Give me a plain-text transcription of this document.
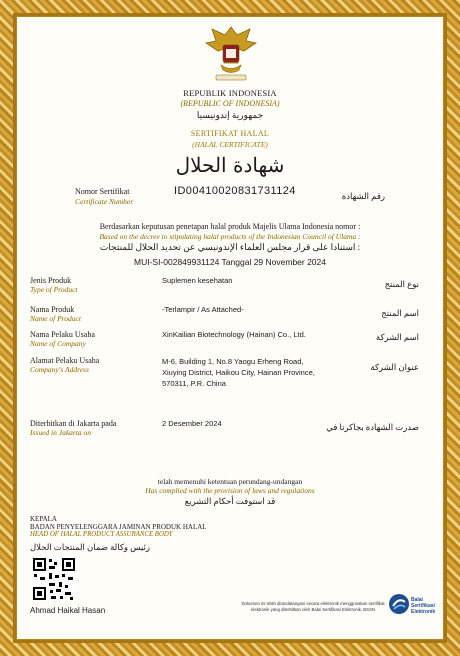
REPUBLIK INDONESIA
(REPUBLIC OF INDONESIA)
جمهورية إندونيسيا
SERTIFIKAT HALAL
(HALAL CERTIFICATE)
شهادة الحلال
Nomor Sertifikat
Certificate Number
ID00410020831731124	رقم الشهادة
Berdasarkan keputusan penetapan halal produk Majelis Ulama Indonesia nomor :
Based on the decree to stipulating halal products of the Indonesian Council of Ulama :
استنادا على قرار مجلس العلماء الإندونيسي عن تحديد الحلال للمنتجات :
MUI-SI-002849931124 Tanggal 29 November 2024
Jenis Produk
Type of Product
Suplemen kesehatan	نوع المنتج
Nama Produk
Name of Product
-Terlampir / As Attached-	اسم المنتج
Nama Pelaku Usaha
Name of Company
XinKailian Biotechnology (Hainan) Co., Ltd.	اسم الشركة
Alamat Pelaku Usaha
Company's Address
M-6, Building 1, No.8 Yaogu Erheng Road,
Xiuying District, Haikou City, Hainan Province,
570311, P.R. China
عنوان الشركة
Diterbitkan di Jakarta pada
Issued in Jakarta on
2 Desember 2024	صدرت الشهادة بجاكرتا في
telah memenuhi ketentuan perundang-undangan
Has complied with the provision of laws and regulations
قد استوفت أحكام التشريع
KEPALA
BADAN PENYELENGGARA JAMINAN PRODUK HALAL
HEAD OF HALAL PRODUCT ASSURANCE BODY
رئيس وكالة ضمان المنتجات الحلال
Ahmad Haikal Hasan
Dokumen ini telah ditandatangani secara elektronik menggunakan sertifikat
elektronik yang diterbitkan oleh Balai Sertifikasi Elektronik, BSSN
Balai
Sertifikasi
Elektronik
